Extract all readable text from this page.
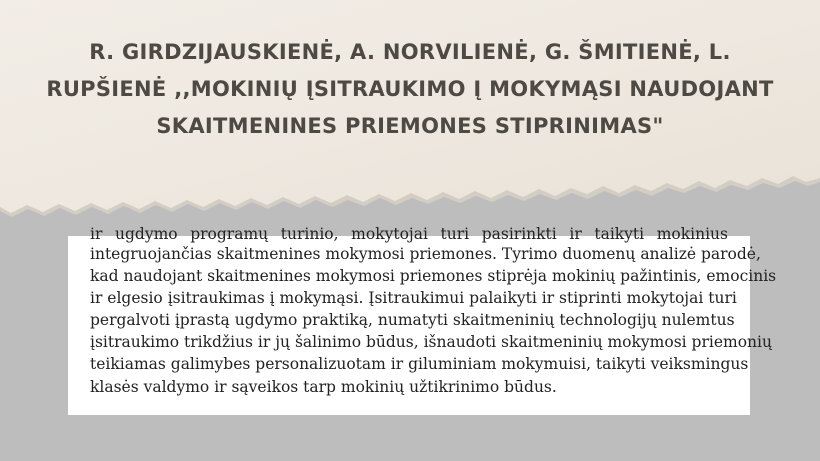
R. GIRDZIJAUSKIENĖ, A. NORVILIENĖ, G. ŠMITIENĖ, L.
RUPŠIENĖ ,,MOKINIŲ ĮSITRAUKIMO Į MOKYMĄSI NAUDOJANT
SKAITMENINES PRIEMONES STIPRINIMAS"
ir ugdymo programų turinio, mokytojai turi pasirinkti ir taikyti mokinius
integruojančias skaitmenines mokymosi priemones. Tyrimo duomenų analizė parodė,
kad naudojant skaitmenines mokymosi priemones stiprėja mokinių pažintinis, emocinis
ir elgesio įsitraukimas į mokymąsi. Įsitraukimui palaikyti ir stiprinti mokytojai turi
pergalvoti įprastą ugdymo praktiką, numatyti skaitmeninių technologijų nulemtus
įsitraukimo trikdžius ir jų šalinimo būdus, išnaudoti skaitmeninių mokymosi priemonių
teikiamas galimybes personalizuotam ir giluminiam mokymuisi, taikyti veiksmingus
klasės valdymo ir sąveikos tarp mokinių užtikrinimo būdus.
